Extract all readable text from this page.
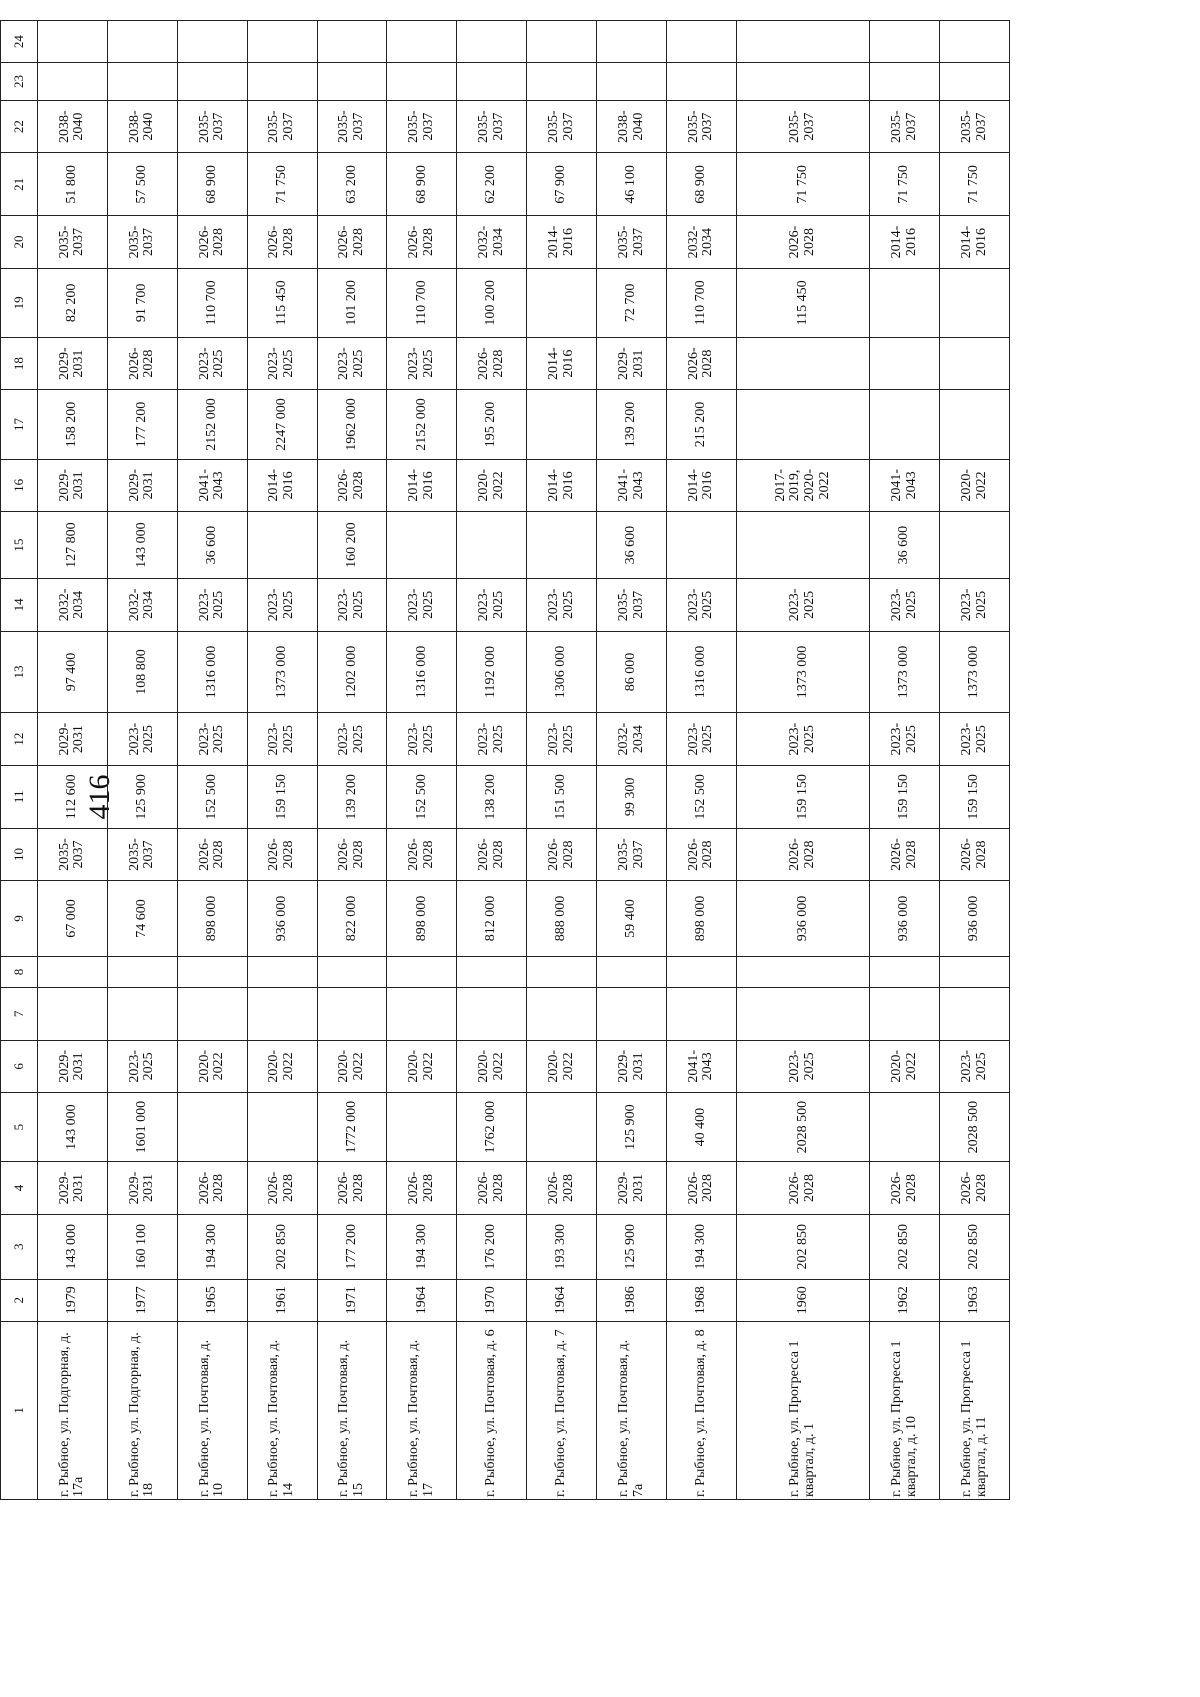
416
1	2	3	4	5	6	7	8	9	10	11	12	13	14	15	16	17	18	19	20	21	22	23	24
г. Рыбное, ул. Подгорная, д. 17а	1979	143 000	2029-2031	143 000	2029-2031			67 000	2035-2037	112 600	2029-2031	97 400	2032-2034	127 800	2029-2031	158 200	2029-2031	82 200	2035-2037	51 800	2038-2040		
г. Рыбное, ул. Подгорная, д. 18	1977	160 100	2029-2031	1601 000	2023-2025			74 600	2035-2037	125 900	2023-2025	108 800	2032-2034	143 000	2029-2031	177 200	2026-2028	91 700	2035-2037	57 500	2038-2040		
г. Рыбное, ул. Почтовая, д. 10	1965	194 300	2026-2028		2020-2022			898 000	2026-2028	152 500	2023-2025	1316 000	2023-2025	36 600	2041-2043	2152 000	2023-2025	110 700	2026-2028	68 900	2035-2037		
г. Рыбное, ул. Почтовая, д. 14	1961	202 850	2026-2028		2020-2022			936 000	2026-2028	159 150	2023-2025	1373 000	2023-2025		2014-2016	2247 000	2023-2025	115 450	2026-2028	71 750	2035-2037		
г. Рыбное, ул. Почтовая, д. 15	1971	177 200	2026-2028	1772 000	2020-2022			822 000	2026-2028	139 200	2023-2025	1202 000	2023-2025	160 200	2026-2028	1962 000	2023-2025	101 200	2026-2028	63 200	2035-2037		
г. Рыбное, ул. Почтовая, д. 17	1964	194 300	2026-2028		2020-2022			898 000	2026-2028	152 500	2023-2025	1316 000	2023-2025		2014-2016	2152 000	2023-2025	110 700	2026-2028	68 900	2035-2037		
г. Рыбное, ул. Почтовая, д. 6	1970	176 200	2026-2028	1762 000	2020-2022			812 000	2026-2028	138 200	2023-2025	1192 000	2023-2025		2020-2022	195 200	2026-2028	100 200	2032-2034	62 200	2035-2037		
г. Рыбное, ул. Почтовая, д. 7	1964	193 300	2026-2028		2020-2022			888 000	2026-2028	151 500	2023-2025	1306 000	2023-2025		2014-2016		2014-2016		2014-2016	67 900	2035-2037		
г. Рыбное, ул. Почтовая, д. 7а	1986	125 900	2029-2031	125 900	2029-2031			59 400	2035-2037	99 300	2032-2034	86 000	2035-2037	36 600	2041-2043	139 200	2029-2031	72 700	2035-2037	46 100	2038-2040		
г. Рыбное, ул. Почтовая, д. 8	1968	194 300	2026-2028	40 400	2041-2043			898 000	2026-2028	152 500	2023-2025	1316 000	2023-2025		2014-2016	215 200	2026-2028	110 700	2032-2034	68 900	2035-2037		
г. Рыбное, ул. Прогресса 1 квартал, д. 1	1960	202 850	2026-2028	2028 500	2023-2025			936 000	2026-2028	159 150	2023-2025	1373 000	2023-2025		2017-2019, 2020-2022			115 450	2026-2028	71 750	2035-2037		
г. Рыбное, ул. Прогресса 1 квартал, д. 10	1962	202 850	2026-2028		2020-2022			936 000	2026-2028	159 150	2023-2025	1373 000	2023-2025	36 600	2041-2043				2014-2016	71 750	2035-2037		
г. Рыбное, ул. Прогресса 1 квартал, д. 11	1963	202 850	2026-2028	2028 500	2023-2025			936 000	2026-2028	159 150	2023-2025	1373 000	2023-2025		2020-2022				2014-2016	71 750	2035-2037		
